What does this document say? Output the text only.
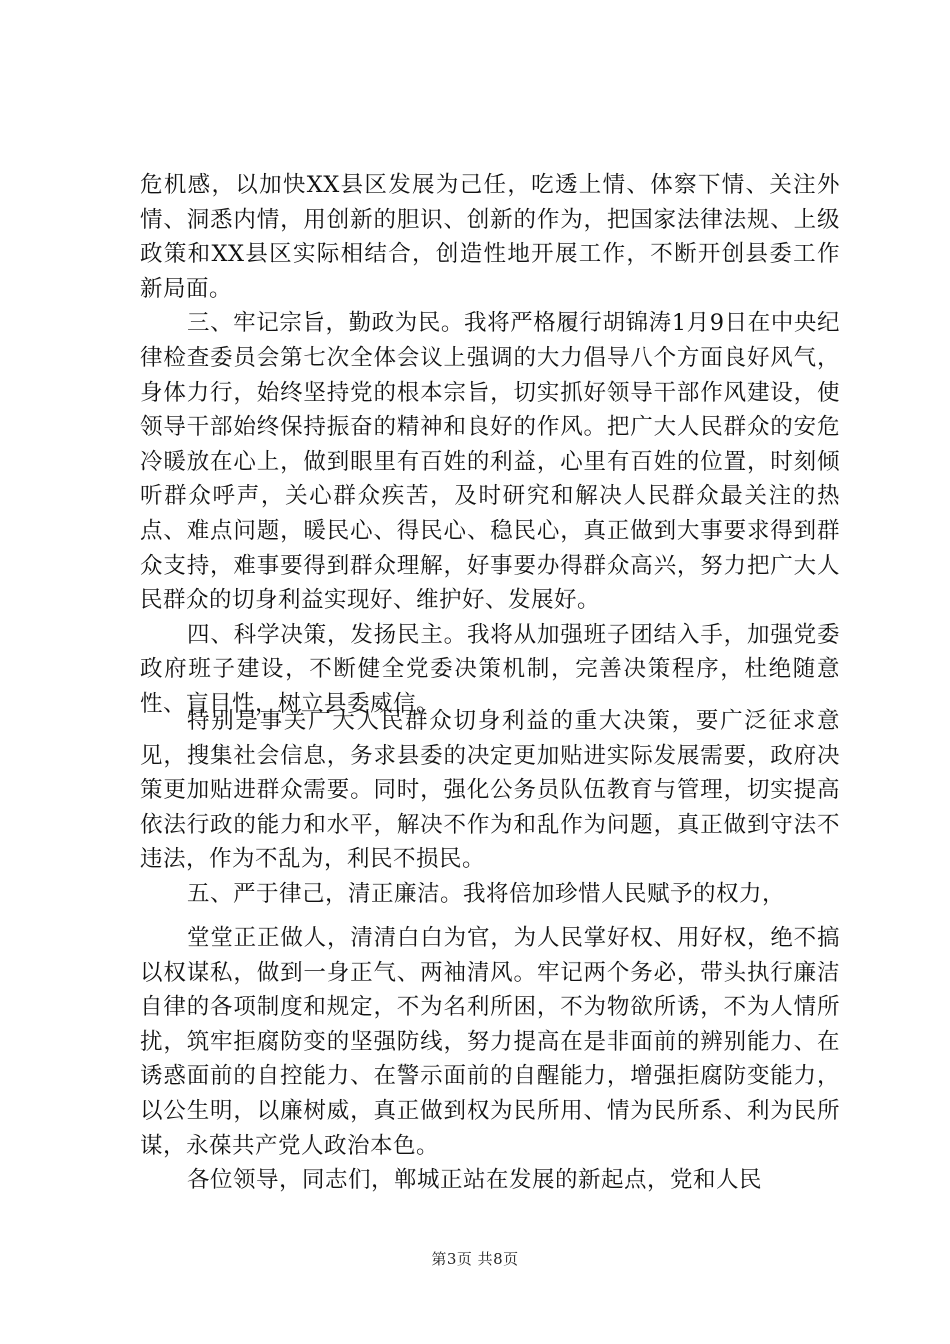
危机感，以加快XX县区发展为己任，吃透上情、体察下情、关注外情、洞悉内情，用创新的胆识、创新的作为，把国家法律法规、上级政策和XX县区实际相结合，创造性地开展工作，不断开创县委工作新局面。

三、牢记宗旨，勤政为民。我将严格履行胡锦涛1月9日在中央纪律检查委员会第七次全体会议上强调的大力倡导八个方面良好风气，身体力行，始终坚持党的根本宗旨，切实抓好领导干部作风建设，使领导干部始终保持振奋的精神和良好的作风。把广大人民群众的安危冷暖放在心上，做到眼里有百姓的利益，心里有百姓的位置，时刻倾听群众呼声，关心群众疾苦，及时研究和解决人民群众最关注的热点、难点问题，暖民心、得民心、稳民心，真正做到大事要求得到群众支持，难事要得到群众理解，好事要办得群众高兴，努力把广大人民群众的切身利益实现好、维护好、发展好。

四、科学决策，发扬民主。我将从加强班子团结入手，加强党委政府班子建设，不断健全党委决策机制，完善决策程序，杜绝随意性、盲目性，树立县委威信。

特别是事关广大人民群众切身利益的重大决策，要广泛征求意见，搜集社会信息，务求县委的决定更加贴进实际发展需要，政府决策更加贴进群众需要。同时，强化公务员队伍教育与管理，切实提高依法行政的能力和水平，解决不作为和乱作为问题，真正做到守法不违法，作为不乱为，利民不损民。

五、严于律己，清正廉洁。我将倍加珍惜人民赋予的权力，

堂堂正正做人，清清白白为官，为人民掌好权、用好权，绝不搞以权谋私，做到一身正气、两袖清风。牢记两个务必，带头执行廉洁自律的各项制度和规定，不为名利所困，不为物欲所诱，不为人情所扰，筑牢拒腐防变的坚强防线，努力提高在是非面前的辨别能力、在诱惑面前的自控能力、在警示面前的自醒能力，增强拒腐防变能力，以公生明，以廉树威，真正做到权为民所用、情为民所系、利为民所谋，永葆共产党人政治本色。

各位领导，同志们，郸城正站在发展的新起点，党和人民

第3页 共8页
